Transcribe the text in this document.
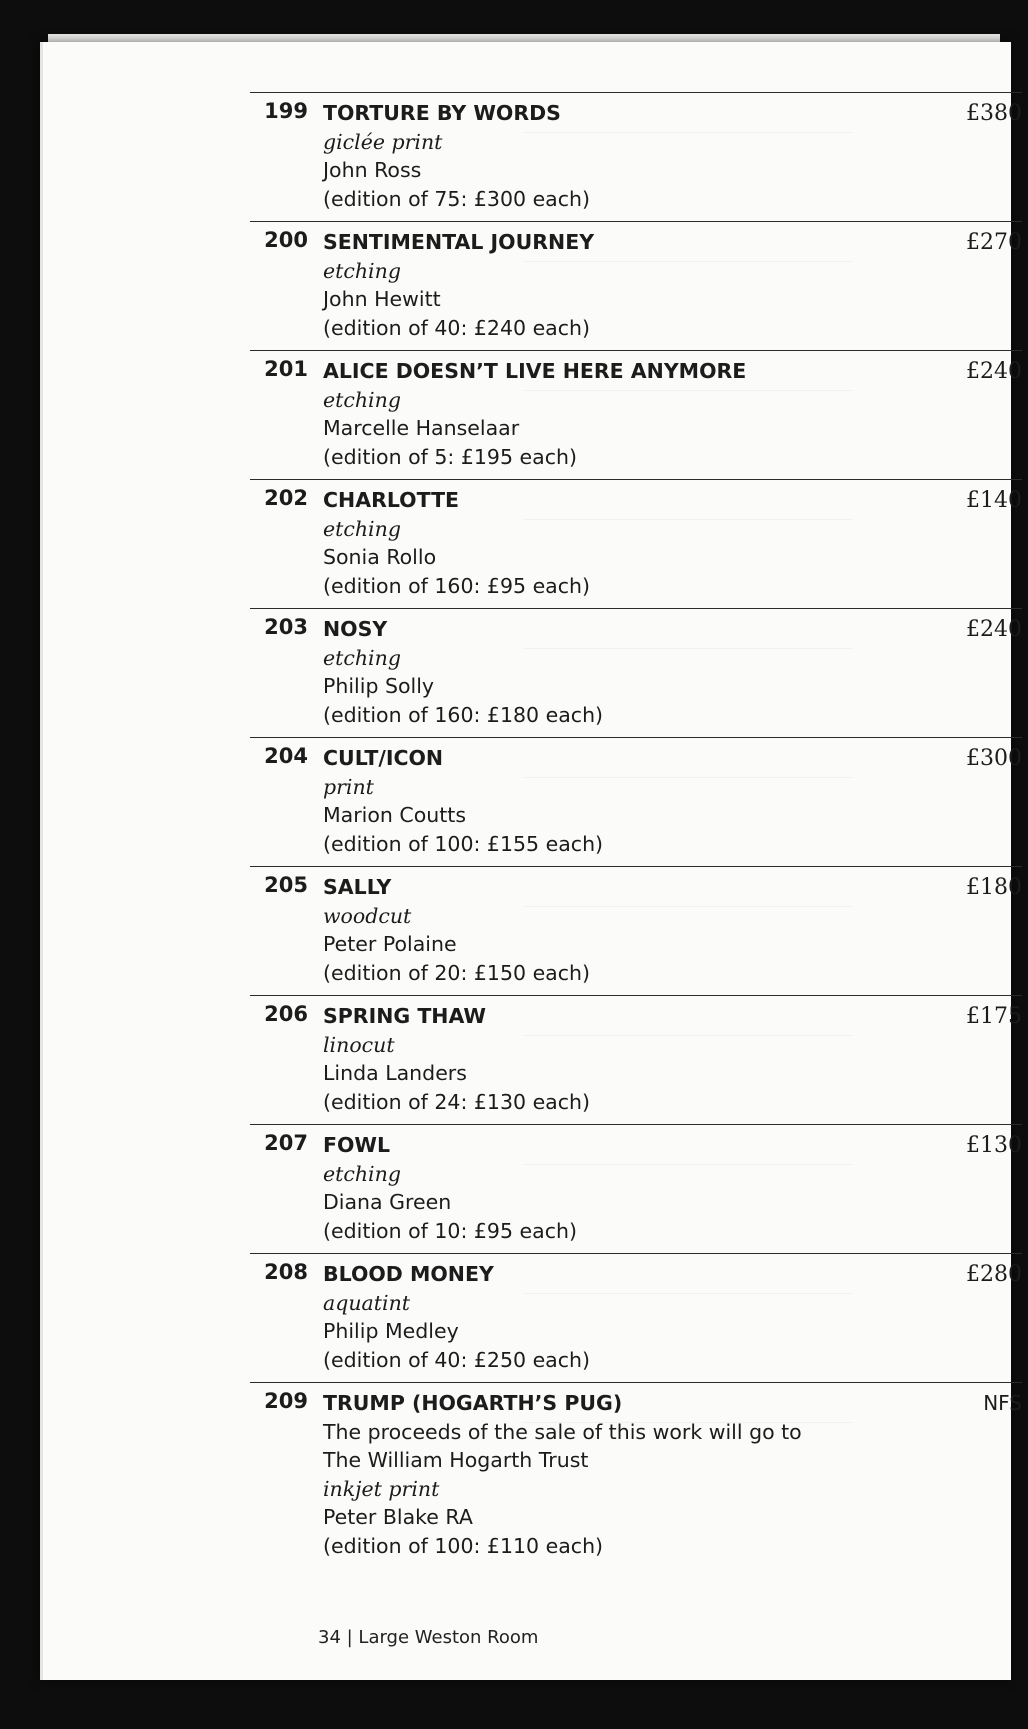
199 TORTURE BY WORDS
giclée print
John Ross
(edition of 75: £300 each)
£380
200 SENTIMENTAL JOURNEY
etching
John Hewitt
(edition of 40: £240 each)
£270
201 ALICE DOESN’T LIVE HERE ANYMORE
etching
Marcelle Hanselaar
(edition of 5: £195 each)
£240
202 CHARLOTTE
etching
Sonia Rollo
(edition of 160: £95 each)
£140
203 NOSY
etching
Philip Solly
(edition of 160: £180 each)
£240
204 CULT/ICON
print
Marion Coutts
(edition of 100: £155 each)
£300
205 SALLY
woodcut
Peter Polaine
(edition of 20: £150 each)
£180
206 SPRING THAW
linocut
Linda Landers
(edition of 24: £130 each)
£175
207 FOWL
etching
Diana Green
(edition of 10: £95 each)
£130
208 BLOOD MONEY
aquatint
Philip Medley
(edition of 40: £250 each)
£280
209 TRUMP (HOGARTH’S PUG)
The proceeds of the sale of this work will go to
The William Hogarth Trust
inkjet print
Peter Blake RA
(edition of 100: £110 each)
NFS
34 | Large Weston Room
